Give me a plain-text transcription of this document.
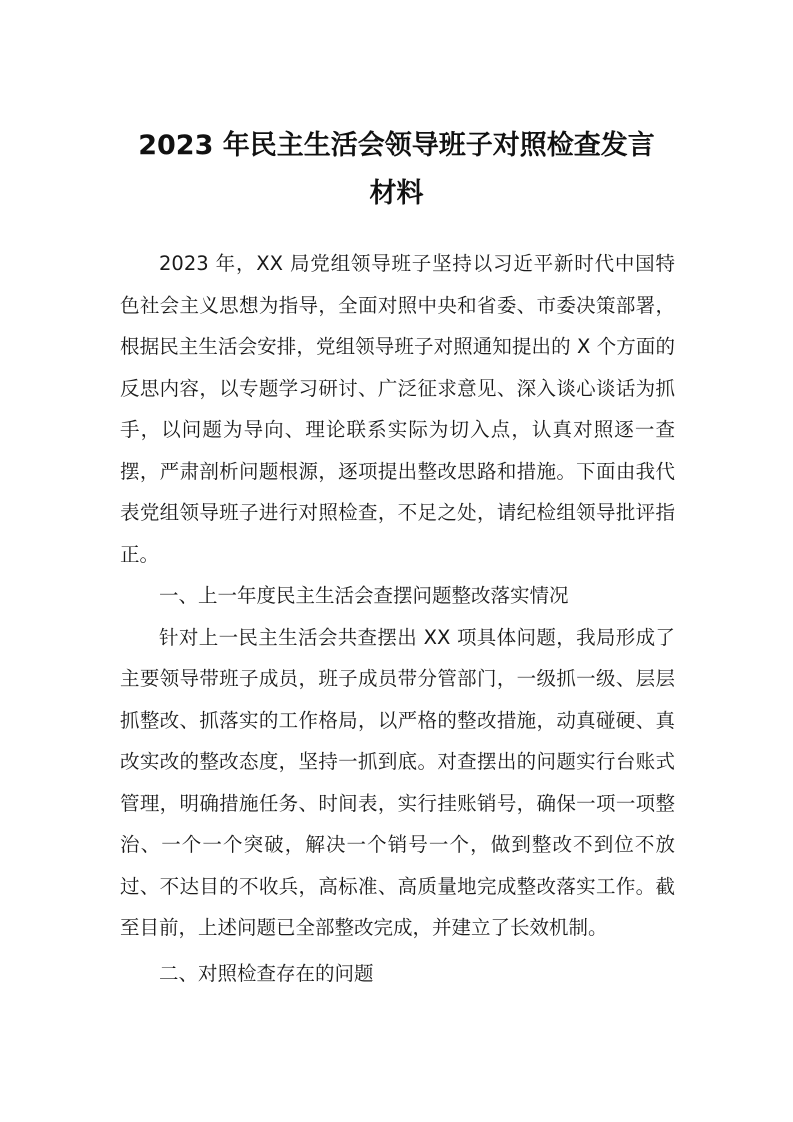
2023 年民主生活会领导班子对照检查发言
材料

2023 年，XX 局党组领导班子坚持以习近平新时代中国特色社会主义思想为指导，全面对照中央和省委、市委决策部署，根据民主生活会安排，党组领导班子对照通知提出的 X 个方面的反思内容，以专题学习研讨、广泛征求意见、深入谈心谈话为抓手，以问题为导向、理论联系实际为切入点，认真对照逐一查摆，严肃剖析问题根源，逐项提出整改思路和措施。下面由我代表党组领导班子进行对照检查，不足之处，请纪检组领导批评指正。

一、上一年度民主生活会查摆问题整改落实情况

针对上一民主生活会共查摆出 XX 项具体问题，我局形成了主要领导带班子成员，班子成员带分管部门，一级抓一级、层层抓整改、抓落实的工作格局，以严格的整改措施，动真碰硬、真改实改的整改态度，坚持一抓到底。对查摆出的问题实行台账式管理，明确措施任务、时间表，实行挂账销号，确保一项一项整治、一个一个突破，解决一个销号一个，做到整改不到位不放过、不达目的不收兵，高标准、高质量地完成整改落实工作。截至目前，上述问题已全部整改完成，并建立了长效机制。

二、对照检查存在的问题
